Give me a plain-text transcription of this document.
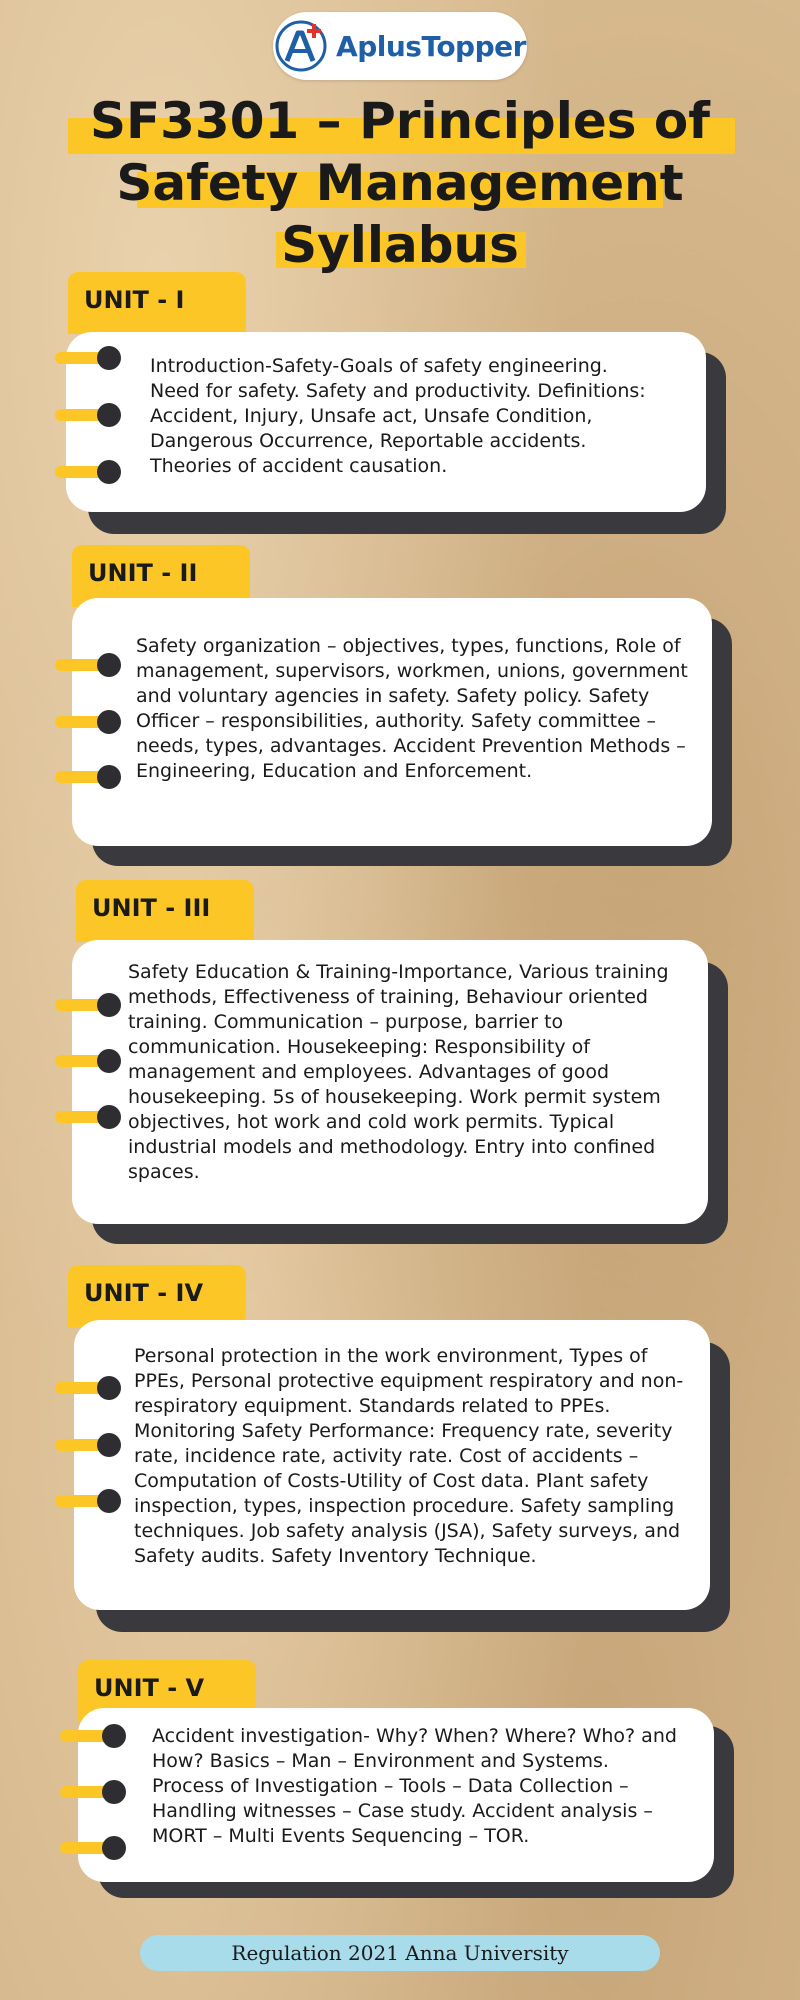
AplusTopper
SF3301 – Principles of
Safety Management
Syllabus
UNIT - I

Introduction-Safety-Goals of safety engineering. Need for safety. Safety and productivity. Definitions: Accident, Injury, Unsafe act, Unsafe Condition, Dangerous Occurrence, Reportable accidents. Theories of accident causation.

UNIT - II

Safety organization – objectives, types, functions, Role of management, supervisors, workmen, unions, government and voluntary agencies in safety. Safety policy. Safety Officer – responsibilities, authority. Safety committee – needs, types, advantages. Accident Prevention Methods – Engineering, Education and Enforcement.

UNIT - III

Safety Education & Training-Importance, Various training methods, Effectiveness of training, Behaviour oriented training. Communication – purpose, barrier to communication. Housekeeping: Responsibility of management and employees. Advantages of good housekeeping. 5s of housekeeping. Work permit system objectives, hot work and cold work permits. Typical industrial models and methodology. Entry into confined spaces.

UNIT - IV

Personal protection in the work environment, Types of PPEs, Personal protective equipment respiratory and non-respiratory equipment. Standards related to PPEs. Monitoring Safety Performance: Frequency rate, severity rate, incidence rate, activity rate. Cost of accidents – Computation of Costs-Utility of Cost data. Plant safety inspection, types, inspection procedure. Safety sampling techniques. Job safety analysis (JSA), Safety surveys, and Safety audits. Safety Inventory Technique.

UNIT - V

Accident investigation- Why? When? Where? Who? and How? Basics – Man – Environment and Systems. Process of Investigation – Tools – Data Collection – Handling witnesses – Case study. Accident analysis – MORT – Multi Events Sequencing – TOR.

Regulation 2021 Anna University
